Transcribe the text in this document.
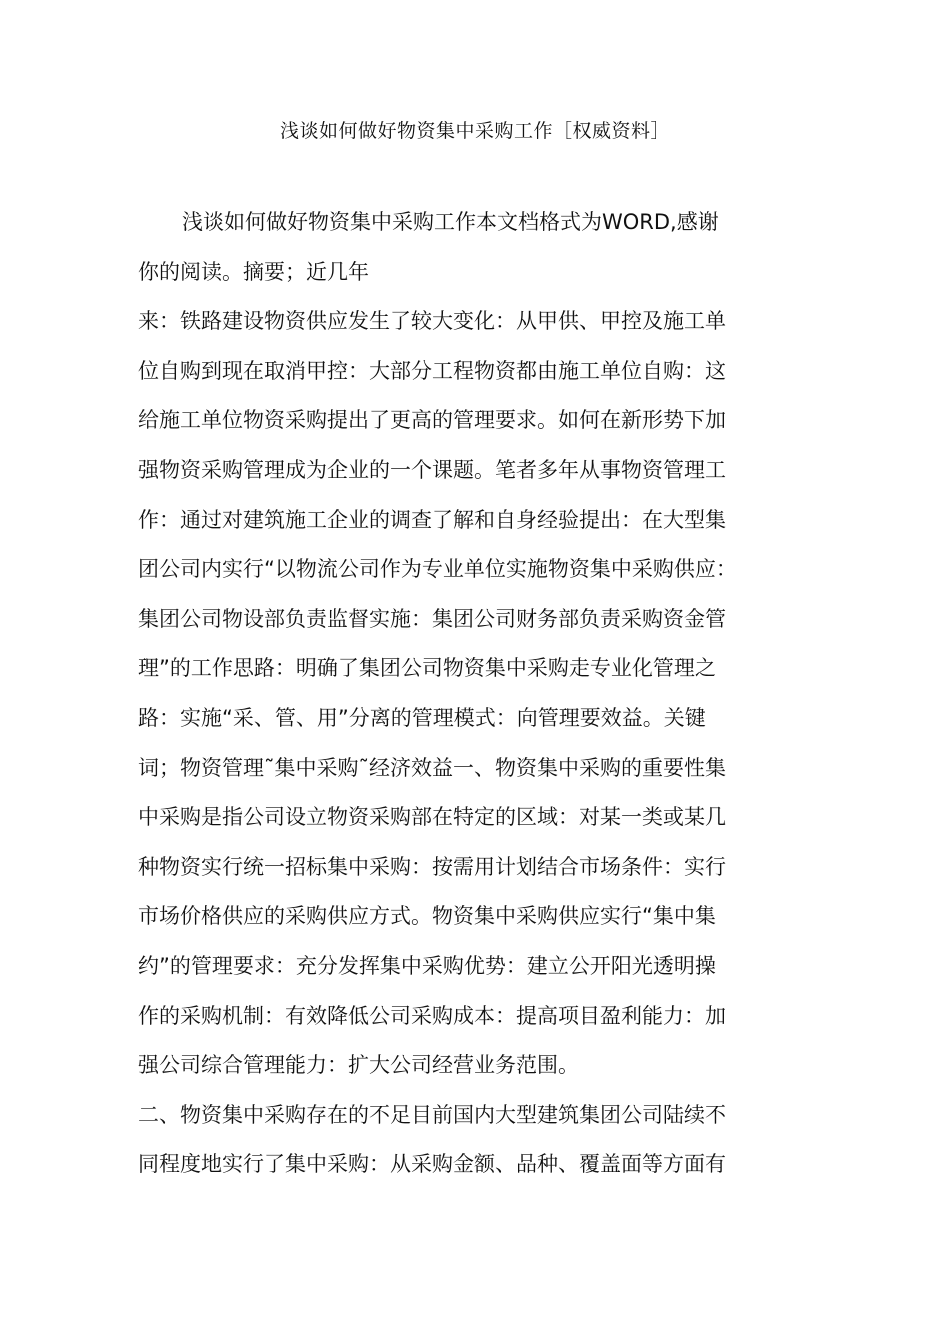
浅谈如何做好物资集中采购工作［权威资料］

浅谈如何做好物资集中采购工作本文档格式为WORD,感谢

你的阅读。摘要；近几年

来：铁路建设物资供应发生了较大变化：从甲供、甲控及施工单

位自购到现在取消甲控：大部分工程物资都由施工单位自购：这

给施工单位物资采购提出了更高的管理要求。如何在新形势下加

强物资采购管理成为企业的一个课题。笔者多年从事物资管理工

作：通过对建筑施工企业的调查了解和自身经验提出：在大型集

团公司内实行“以物流公司作为专业单位实施物资集中采购供应：

集团公司物设部负责监督实施：集团公司财务部负责采购资金管

理”的工作思路：明确了集团公司物资集中采购走专业化管理之

路：实施“采、管、用”分离的管理模式：向管理要效益。关键

词；物资管理˜集中采购˜经济效益一、物资集中采购的重要性集

中采购是指公司设立物资采购部在特定的区域：对某一类或某几

种物资实行统一招标集中采购：按需用计划结合市场条件：实行

市场价格供应的采购供应方式。物资集中采购供应实行“集中集

约”的管理要求：充分发挥集中采购优势：建立公开阳光透明操

作的采购机制：有效降低公司采购成本：提高项目盈利能力：加

强公司综合管理能力：扩大公司经营业务范围。

二、物资集中采购存在的不足目前国内大型建筑集团公司陆续不

同程度地实行了集中采购：从采购金额、品种、覆盖面等方面有
